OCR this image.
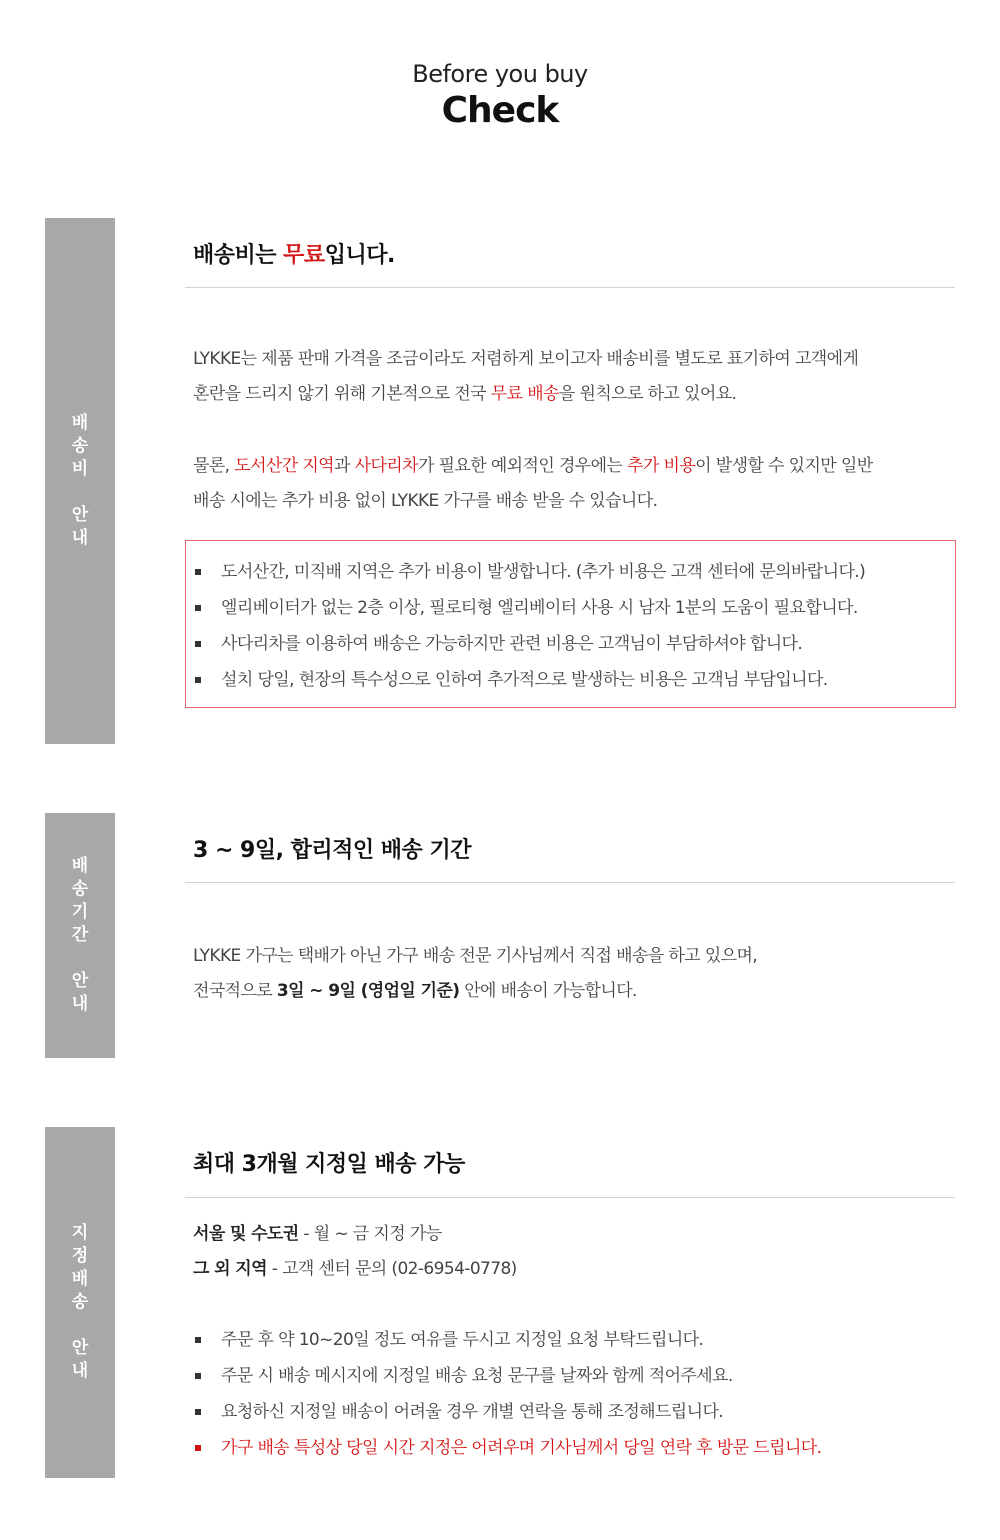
Before you buy
Check
배
송
비
안
내
배송비는 무료입니다.
LYKKE는 제품 판매 가격을 조금이라도 저렴하게 보이고자 배송비를 별도로 표기하여 고객에게
혼란을 드리지 않기 위해 기본적으로 전국 무료 배송을 원칙으로 하고 있어요.
물론, 도서산간 지역과 사다리차가 필요한 예외적인 경우에는 추가 비용이 발생할 수 있지만 일반
배송 시에는 추가 비용 없이 LYKKE 가구를 배송 받을 수 있습니다.
도서산간, 미직배 지역은 추가 비용이 발생합니다. (추가 비용은 고객 센터에 문의바랍니다.)
엘리베이터가 없는 2층 이상, 필로티형 엘리베이터 사용 시 남자 1분의 도움이 필요합니다.
사다리차를 이용하여 배송은 가능하지만 관련 비용은 고객님이 부담하셔야 합니다.
설치 당일, 현장의 특수성으로 인하여 추가적으로 발생하는 비용은 고객님 부담입니다.
배
송
기
간
안
내
3 ~ 9일, 합리적인 배송 기간
LYKKE 가구는 택배가 아닌 가구 배송 전문 기사님께서 직접 배송을 하고 있으며,
전국적으로 3일 ~ 9일 (영업일 기준) 안에 배송이 가능합니다.
지
정
배
송
안
내
최대 3개월 지정일 배송 가능
서울 및 수도권 - 월 ~ 금 지정 가능
그 외 지역 - 고객 센터 문의 (02-6954-0778)
주문 후 약 10~20일 정도 여유를 두시고 지정일 요청 부탁드립니다.
주문 시 배송 메시지에 지정일 배송 요청 문구를 날짜와 함께 적어주세요.
요청하신 지정일 배송이 어려울 경우 개별 연락을 통해 조정해드립니다.
가구 배송 특성상 당일 시간 지정은 어려우며 기사님께서 당일 연락 후 방문 드립니다.
